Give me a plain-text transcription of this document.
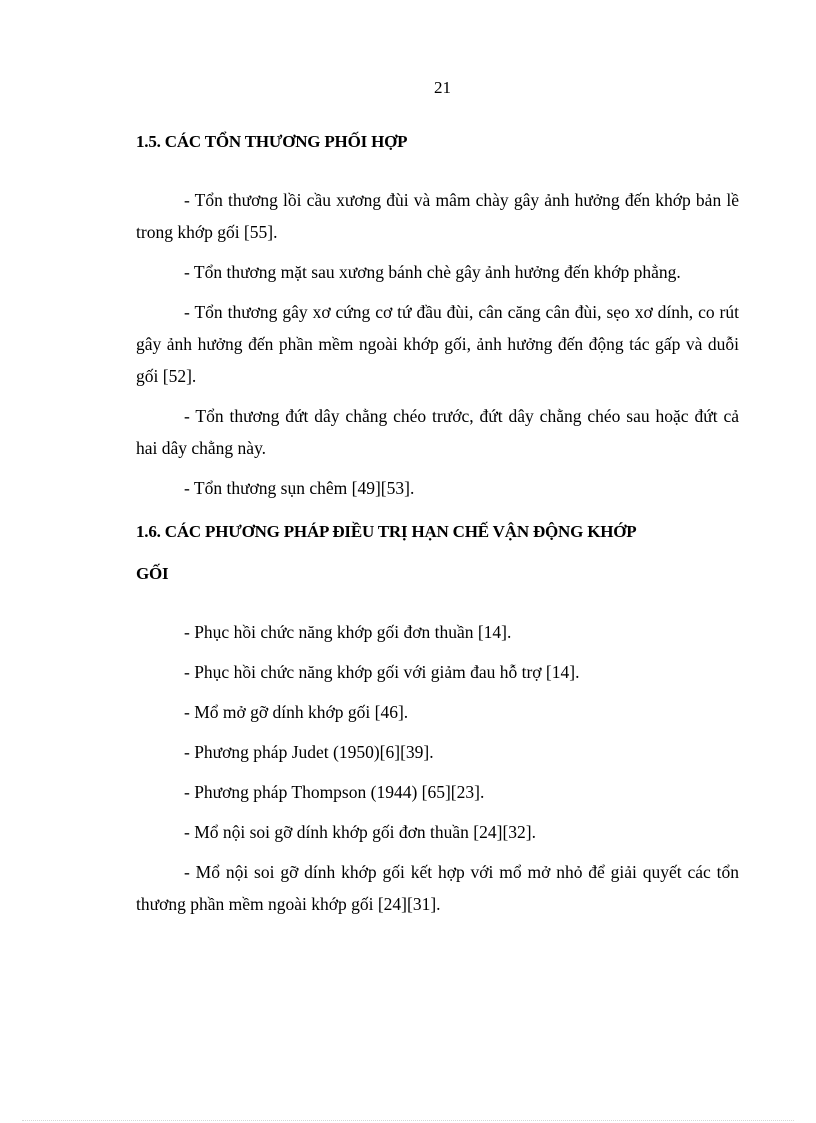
21
1.5. CÁC TỔN THƯƠNG PHỐI HỢP

- Tổn thương lồi cầu xương đùi và mâm chày gây ảnh hưởng đến khớp bản lề trong khớp gối [55].

- Tổn thương mặt sau xương bánh chè gây ảnh hưởng đến khớp phẳng.

- Tổn thương gây xơ cứng cơ tứ đầu đùi, cân căng cân đùi, sẹo xơ dính, co rút gây ảnh hưởng đến phần mềm ngoài khớp gối, ảnh hưởng đến động tác gấp và duỗi gối [52].

- Tổn thương đứt dây chằng chéo trước, đứt dây chằng chéo sau hoặc đứt cả hai dây chằng này.

- Tổn thương sụn chêm [49][53].

1.6. CÁC PHƯƠNG PHÁP ĐIỀU TRỊ HẠN CHẾ VẬN ĐỘNG KHỚP
GỐI

- Phục hồi chức năng khớp gối đơn thuần [14].

- Phục hồi chức năng khớp gối với giảm đau hỗ trợ [14].

- Mổ mở gỡ dính khớp gối [46].

- Phương pháp Judet (1950)[6][39].

- Phương pháp Thompson (1944) [65][23].

- Mổ nội soi gỡ dính khớp gối đơn thuần [24][32].

- Mổ nội soi gỡ dính khớp gối kết hợp với mổ mở nhỏ để giải quyết các tổn thương phần mềm ngoài khớp gối [24][31].
